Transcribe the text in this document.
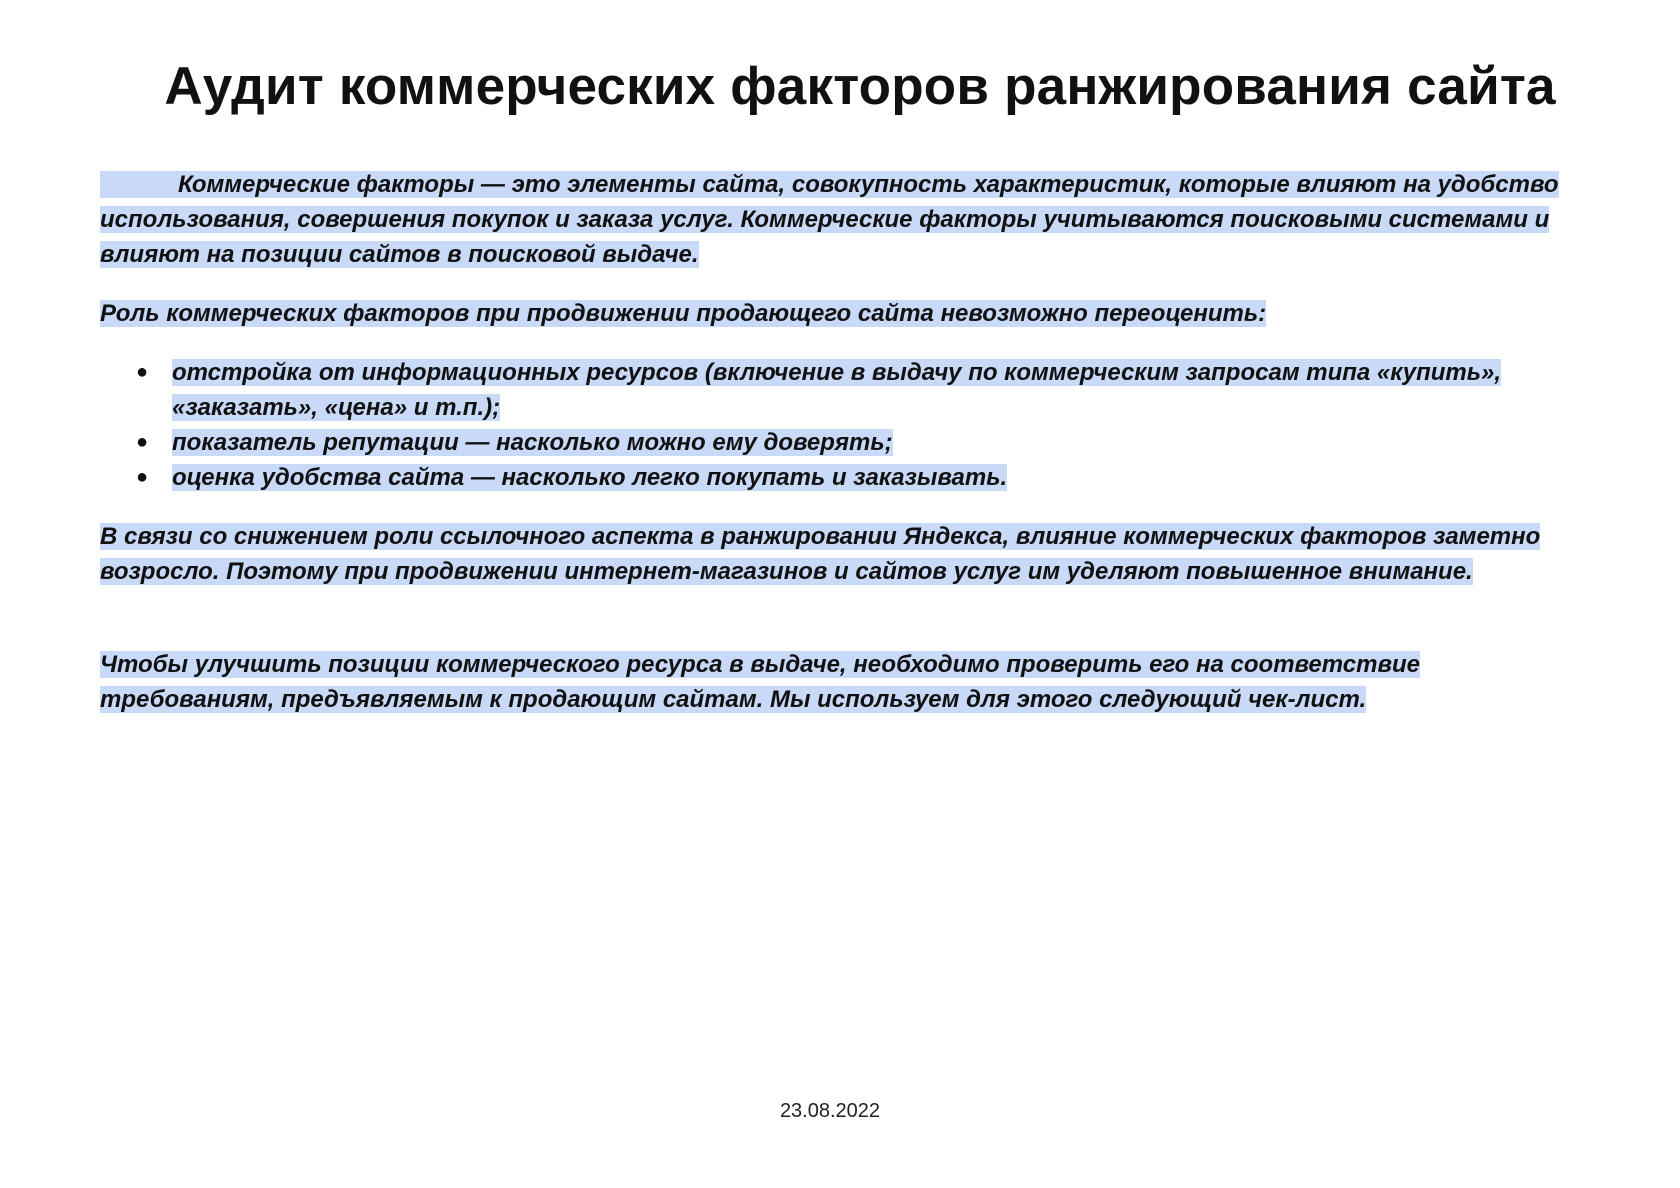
Аудит коммерческих факторов ранжирования сайта

Коммерческие факторы — это элементы сайта, совокупность характеристик, которые влияют на удобство использования, совершения покупок и заказа услуг. Коммерческие факторы учитываются поисковыми системами и влияют на позиции сайтов в поисковой выдаче.

Роль коммерческих факторов при продвижении продающего сайта невозможно переоценить:

● отстройка от информационных ресурсов (включение в выдачу по коммерческим запросам типа «купить», «заказать», «цена» и т.п.);
● показатель репутации — насколько можно ему доверять;
● оценка удобства сайта — насколько легко покупать и заказывать.

В связи со снижением роли ссылочного аспекта в ранжировании Яндекса, влияние коммерческих факторов заметно возросло. Поэтому при продвижении интернет-магазинов и сайтов услуг им уделяют повышенное внимание.

Чтобы улучшить позиции коммерческого ресурса в выдаче, необходимо проверить его на соответствие требованиям, предъявляемым к продающим сайтам. Мы используем для этого следующий чек-лист.

23.08.2022
